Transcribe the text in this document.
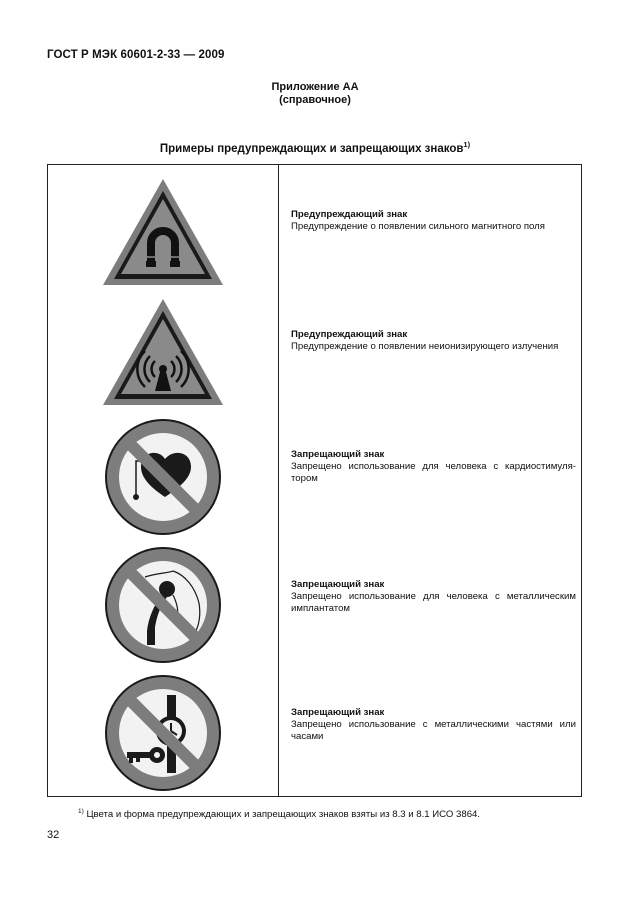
ГОСТ Р МЭК 60601-2-33 — 2009
Приложение АА
(справочное)
Примеры предупреждающих и запрещающих знаков$^{1)}$
Предупреждающий знак
Предупреждение о появлении сильного магнитного поля
Предупреждающий знак
Предупреждение о появлении неионизирующего излучения
Запрещающий знак
Запрещено использование для человека с кардиостимуля-тором
Запрещающий знак
Запрещено использование для человека с металлическим имплантатом
Запрещающий знак
Запрещено использование с металлическими частями или часами
$^{1)}$ Цвета и форма предупреждающих и запрещающих знаков взяты из 8.3 и 8.1 ИСО 3864.
32
